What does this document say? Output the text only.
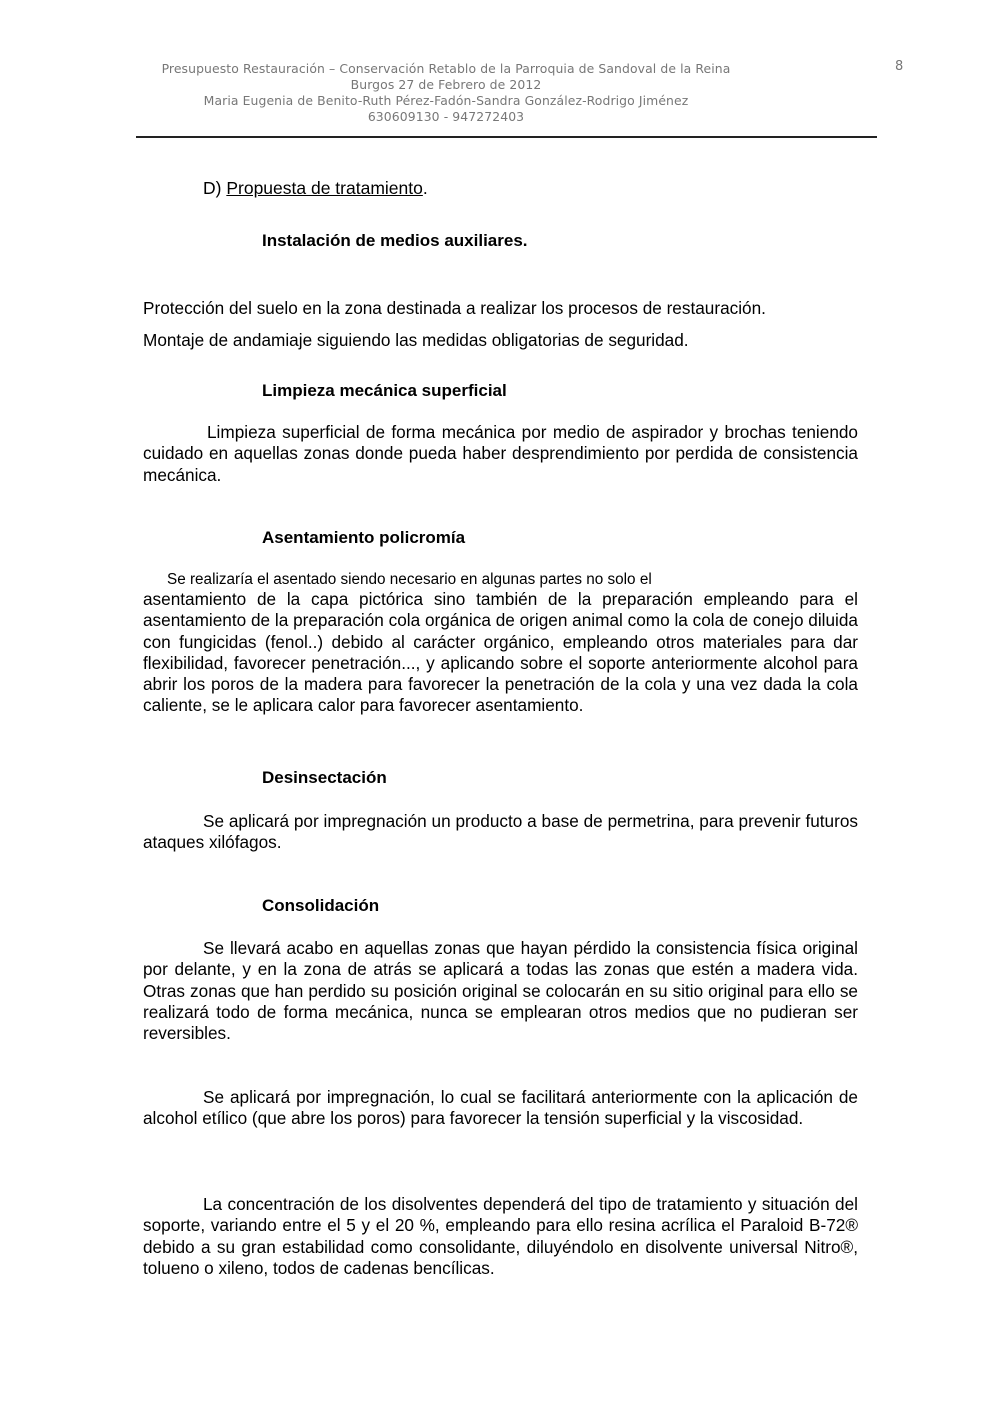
Presupuesto Restauración – Conservación Retablo de la Parroquia de Sandoval de la Reina
Burgos 27 de Febrero de 2012
Maria Eugenia de Benito-Ruth Pérez-Fadón-Sandra González-Rodrigo Jiménez
630609130 - 947272403
8
D) Propuesta de tratamiento.
Instalación de medios auxiliares.
Protección del suelo en la zona destinada a realizar los procesos de restauración.
Montaje de andamiaje siguiendo las medidas obligatorias de seguridad.
Limpieza mecánica superficial
Limpieza superficial de forma mecánica por medio de aspirador y brochas teniendo cuidado en aquellas zonas donde pueda haber desprendimiento por perdida de consistencia mecánica.
Asentamiento policromía
Se realizaría el asentado siendo necesario en algunas partes no solo el
asentamiento de la capa pictórica sino también de la preparación empleando para el asentamiento de la preparación cola orgánica de origen animal como la cola de conejo diluida con fungicidas (fenol..) debido al carácter orgánico, empleando otros materiales para dar flexibilidad, favorecer penetración..., y aplicando sobre el soporte anteriormente alcohol para abrir los poros de la madera para favorecer la penetración de la cola y una vez dada la cola caliente, se le aplicara calor para favorecer asentamiento.
Desinsectación
Se aplicará por impregnación un producto a base de permetrina, para prevenir futuros ataques xilófagos.
Consolidación
Se llevará acabo en aquellas zonas que hayan pérdido la consistencia física original por delante, y en la zona de atrás se aplicará a todas las zonas que estén a madera vida. Otras zonas que han perdido su posición original se colocarán en su sitio original para ello se realizará todo de forma mecánica, nunca se emplearan otros medios que no pudieran ser reversibles.
Se aplicará por impregnación, lo cual se facilitará anteriormente con la aplicación de alcohol etílico (que abre los poros) para favorecer la tensión superficial y la viscosidad.
La concentración de los disolventes dependerá del tipo de tratamiento y situación del soporte, variando entre el 5 y el 20 %, empleando para ello resina acrílica el Paraloid B-72® debido a su gran estabilidad como consolidante, diluyéndolo en disolvente universal Nitro®, tolueno o xileno, todos de cadenas bencílicas.
